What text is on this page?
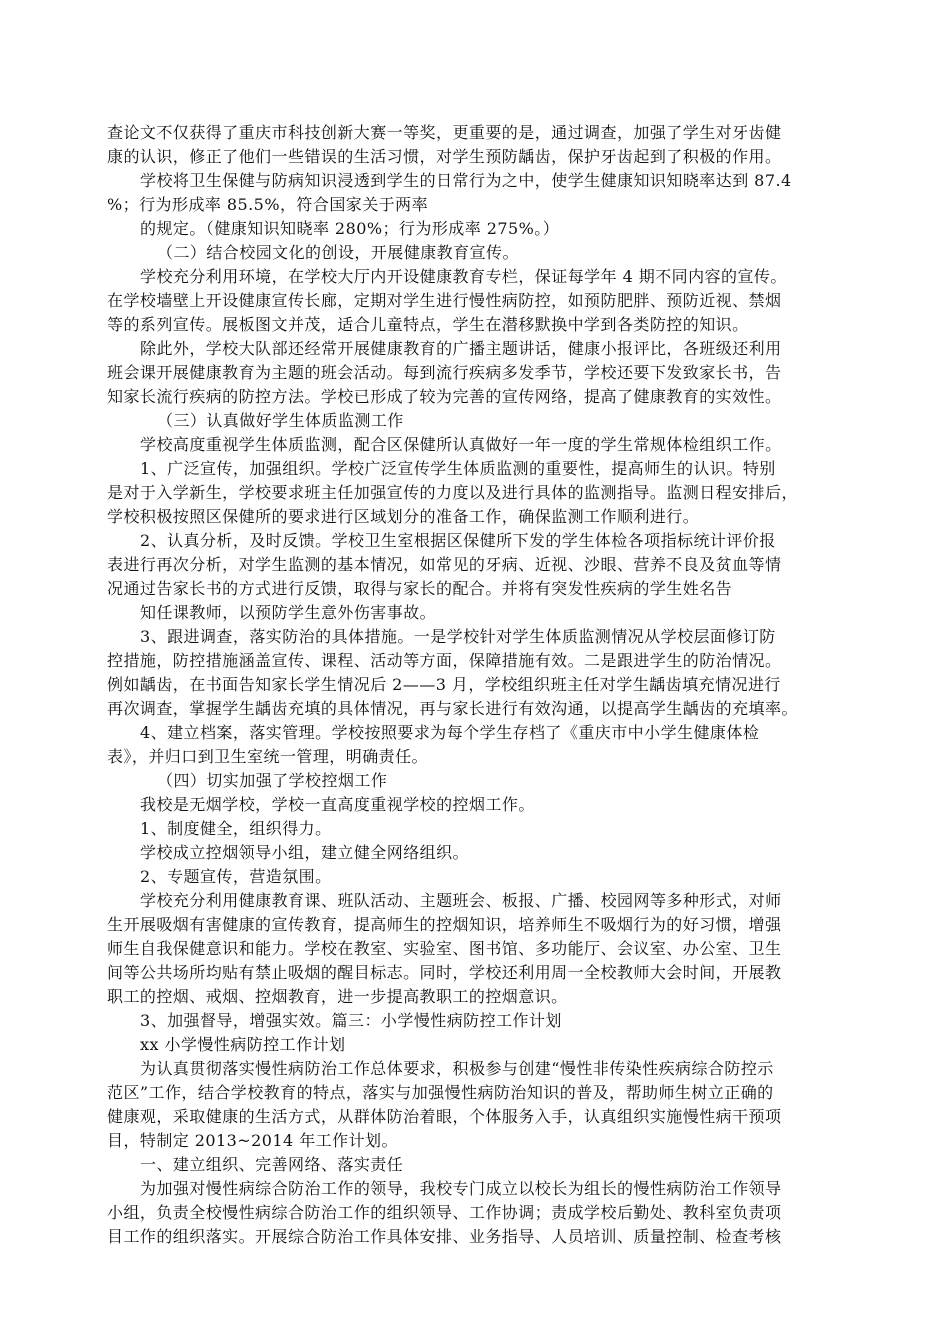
查论文不仅获得了重庆市科技创新大赛一等奖，更重要的是，通过调查，加强了学生对牙齿健
康的认识，修正了他们一些错误的生活习惯，对学生预防龋齿，保护牙齿起到了积极的作用。
学校将卫生保健与防病知识浸透到学生的日常行为之中，使学生健康知识知晓率达到 87.4
%；行为形成率 85.5%，符合国家关于两率
的规定。（健康知识知晓率 280%；行为形成率 275%。）
（二）结合校园文化的创设，开展健康教育宣传。
学校充分利用环境，在学校大厅内开设健康教育专栏，保证每学年 4 期不同内容的宣传。
在学校墙壁上开设健康宣传长廊，定期对学生进行慢性病防控，如预防肥胖、预防近视、禁烟
等的系列宣传。展板图文并茂，适合儿童特点，学生在潜移默换中学到各类防控的知识。
除此外，学校大队部还经常开展健康教育的广播主题讲话，健康小报评比，各班级还利用
班会课开展健康教育为主题的班会活动。每到流行疾病多发季节，学校还要下发致家长书，告
知家长流行疾病的防控方法。学校已形成了较为完善的宣传网络，提高了健康教育的实效性。
（三）认真做好学生体质监测工作
学校高度重视学生体质监测，配合区保健所认真做好一年一度的学生常规体检组织工作。
1、广泛宣传，加强组织。学校广泛宣传学生体质监测的重要性，提高师生的认识。特别
是对于入学新生，学校要求班主任加强宣传的力度以及进行具体的监测指导。监测日程安排后，
学校积极按照区保健所的要求进行区域划分的准备工作，确保监测工作顺利进行。
2、认真分析，及时反馈。学校卫生室根据区保健所下发的学生体检各项指标统计评价报
表进行再次分析，对学生监测的基本情况，如常见的牙病、近视、沙眼、营养不良及贫血等情
况通过告家长书的方式进行反馈，取得与家长的配合。并将有突发性疾病的学生姓名告
知任课教师，以预防学生意外伤害事故。
3、跟进调查，落实防治的具体措施。一是学校针对学生体质监测情况从学校层面修订防
控措施，防控措施涵盖宣传、课程、活动等方面，保障措施有效。二是跟进学生的防治情况。
例如龋齿，在书面告知家长学生情况后 2——3 月，学校组织班主任对学生龋齿填充情况进行
再次调查，掌握学生龋齿充填的具体情况，再与家长进行有效沟通，以提高学生龋齿的充填率。
4、建立档案，落实管理。学校按照要求为每个学生存档了《重庆市中小学生健康体检
表》，并归口到卫生室统一管理，明确责任。
（四）切实加强了学校控烟工作
我校是无烟学校，学校一直高度重视学校的控烟工作。
1、制度健全，组织得力。
学校成立控烟领导小组，建立健全网络组织。
2、专题宣传，营造氛围。
学校充分利用健康教育课、班队活动、主题班会、板报、广播、校园网等多种形式，对师
生开展吸烟有害健康的宣传教育，提高师生的控烟知识，培养师生不吸烟行为的好习惯，增强
师生自我保健意识和能力。学校在教室、实验室、图书馆、多功能厅、会议室、办公室、卫生
间等公共场所均贴有禁止吸烟的醒目标志。同时，学校还利用周一全校教师大会时间，开展教
职工的控烟、戒烟、控烟教育，进一步提高教职工的控烟意识。
3、加强督导，增强实效。篇三：小学慢性病防控工作计划
xx 小学慢性病防控工作计划
为认真贯彻落实慢性病防治工作总体要求，积极参与创建“慢性非传染性疾病综合防控示
范区”工作，结合学校教育的特点，落实与加强慢性病防治知识的普及，帮助师生树立正确的
健康观，采取健康的生活方式，从群体防治着眼，个体服务入手，认真组织实施慢性病干预项
目，特制定 2013~2014 年工作计划。
一、建立组织、完善网络、落实责任
为加强对慢性病综合防治工作的领导，我校专门成立以校长为组长的慢性病防治工作领导
小组，负责全校慢性病综合防治工作的组织领导、工作协调；责成学校后勤处、教科室负责项
目工作的组织落实。开展综合防治工作具体安排、业务指导、人员培训、质量控制、检查考核
